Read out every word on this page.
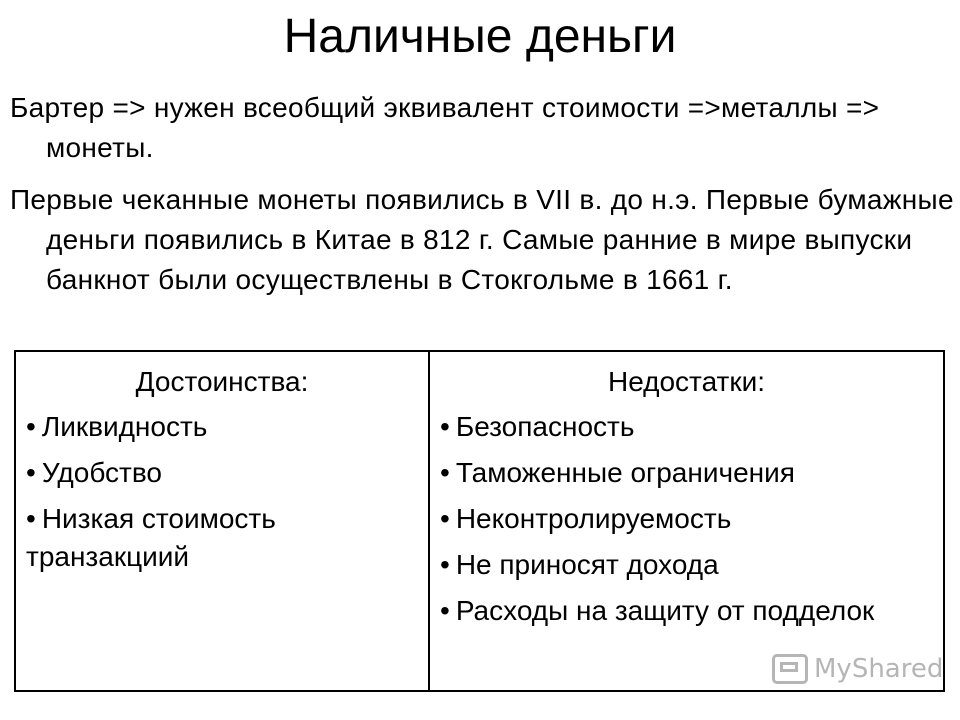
Наличные деньги
Бартер => нужен всеобщий эквивалент стоимости =>металлы => монеты.
Первые чеканные монеты появились в VII в. до н.э. Первые бумажные деньги появились в Китае в 812 г. Самые ранние в мире выпуски банкнот были осуществлены в Стокгольме в 1661 г.
Достоинства:
• Ликвидность
• Удобство
• Низкая стоимость транзакциий
Недостатки:
• Безопасность
• Таможенные ограничения
• Неконтролируемость
• Не приносят дохода
• Расходы на защиту от подделок
MyShared
